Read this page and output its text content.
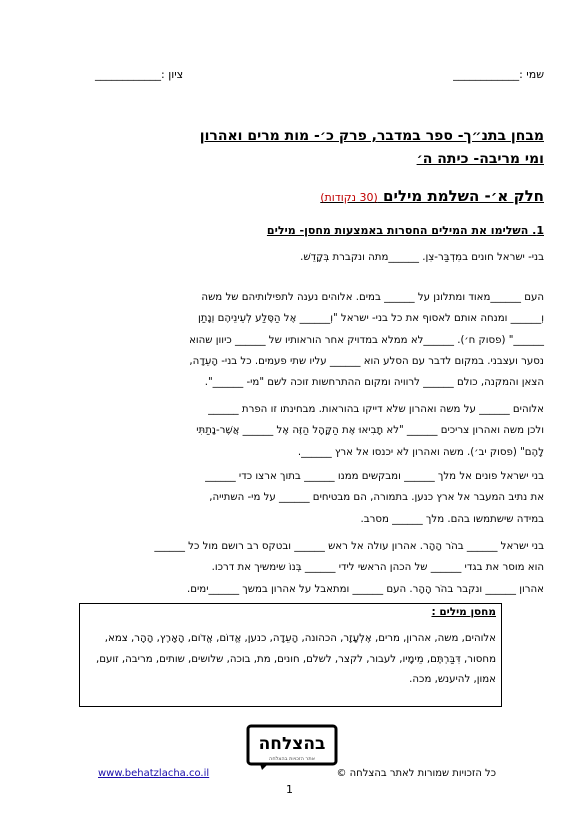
שמי :____________
ציון :____________
מבחן בתנ״ך- ספר במדבר, פרק כ׳- מות מרים ואהרון
ומי מריבה- כיתה ה׳
חלק א׳- השלמת מילים (30 נקודות)
1. השלימו את המילים החסרות באמצעות מחסן- מילים
בני- ישראל חונים במִדְבַּר-צִן. ______מתה ונקברת בְּקָדֵשׁ.
העם ______מאוד ומתלונן על ______ במים. אלוהים נענה לתפילותיהם של משה
וְ______ ומנחה אותם לאסוף את כל בני- ישראל "וְ______ אֶל הַסֶּלַע לְעֵינֵיהֶם וְנָתַן
______" (פסוק ח׳). ______לא ממלא במדויק אחר הוראותיו של ______ כיוון שהוא
נסער ועצבני. במקום לדבר עם הסלע הוא ______ עליו שתי פעמים. כל בני- הָעֵדָה,
הצאן והמקנה, כולם ______ לרוויה ומקום ההתרחשות זוכה לשם "מי- ______".
אלוהים ______ על משה ואהרון שלא דייקו בהוראות. מבחינתו זו הפרת ______
ולכן משה ואהרון צריכים ______ "לא תָבִיאוּ אֶת הַקָּהָל הַזֶּה אֶל ______ אֲשֶׁר-נָתַתִּי
לָהֶם" (פסוק יב׳). משה ואהרון לא יכנסו אל ארץ ______.
בני ישראל פונים אל מלך ______ ומבקשים ממנו ______ בתוך ארצו כדי ______
את נתיב המעבר אל ארץ כנען. בתמורה, הם מבטיחים ______ על מי- השתייה,
במידה שישתמשו בהם. מלך ______ מסרב.
בני ישראל ______ בהֹר הָהָר. אהרון עולה אל ראש ______ ובטקס רב רושם מול כל ______
הוא מוסר את בגדי ______ של הכהן הראשי לידי ______ בְּנוֹ שימשיך את דרכו.
אהרון ______ ונקבר בהֹר הָהָר. העם ______ ומתאבל על אהרון במשך ______ימים.
מחסן מילים :
אלוהים, משה, אהרון, מרים, אֶלְעָזָר, הכהונה, הָעֵדָה, כנען, אֱדוֹם, אֱדֹום, הָאָרֶץ, הָהָר, צמא, מחסור, דִּבַּרְתֶּם, מֵימָיו, לעבור, לקצר, לשלם, חונים, מת, בוכה, שלושים, שותים, מריבה, זועם, אמון, להיענש, מכה.
בהצלחה
אתר הזכויות בהצלחה
www.behatzlacha.co.il	כל הזכויות שמורות לאתר בהצלחה ©
1
